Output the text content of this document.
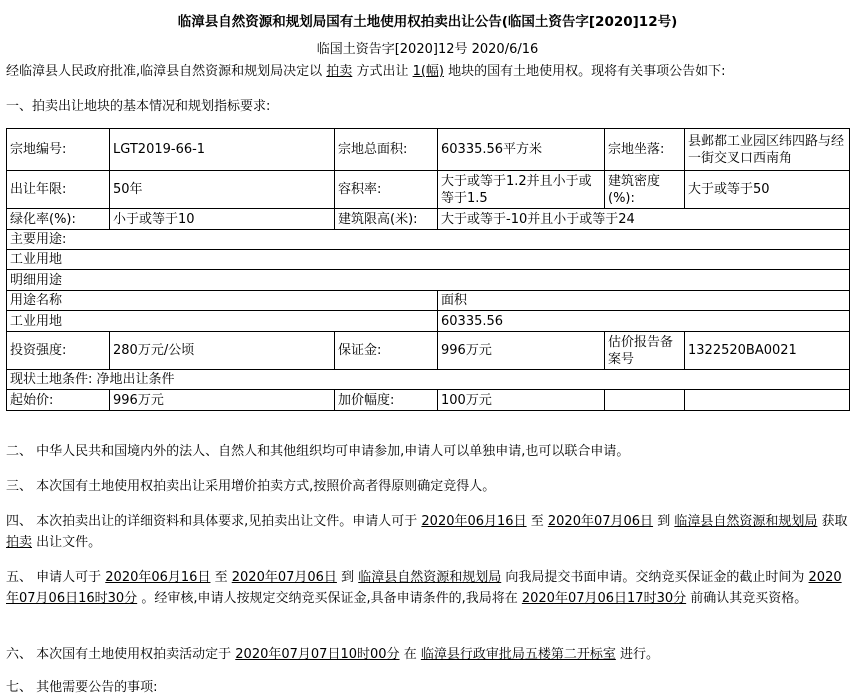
临漳县自然资源和规划局国有土地使用权拍卖出让公告(临国土资告字[2020]12号)
临国土资告字[2020]12号 2020/6/16
经临漳县人民政府批准,临漳县自然资源和规划局决定以 拍卖 方式出让 1(幅) 地块的国有土地使用权。现将有关事项公告如下:
一、拍卖出让地块的基本情况和规划指标要求:
宗地编号:	LGT2019-66-1	宗地总面积:	60335.56平方米	宗地坐落:	县邺都工业园区纬四路与经一街交叉口西南角
出让年限:	50年	容积率:	大于或等于1.2并且小于或等于1.5	建筑密度(%):	大于或等于50
绿化率(%):	小于或等于10	建筑限高(米):	大于或等于-10并且小于或等于24		
主要用途:					
工业用地					
明细用途					
用途名称			面积		
工业用地			60335.56		
投资强度:	280万元/公顷	保证金:	996万元	估价报告备案号	1322520BA0021
现状土地条件: 净地出让条件					
起始价:	996万元	加价幅度:	100万元		
二、 中华人民共和国境内外的法人、自然人和其他组织均可申请参加,申请人可以单独申请,也可以联合申请。
三、 本次国有土地使用权拍卖出让采用增价拍卖方式,按照价高者得原则确定竞得人。
四、 本次拍卖出让的详细资料和具体要求,见拍卖出让文件。申请人可于 2020年06月16日 至 2020年07月06日 到 临漳县自然资源和规划局 获取 拍卖 出让文件。
五、 申请人可于 2020年06月16日 至 2020年07月06日 到 临漳县自然资源和规划局 向我局提交书面申请。交纳竞买保证金的截止时间为 2020年07月06日16时30分 。经审核,申请人按规定交纳竞买保证金,具备申请条件的,我局将在 2020年07月06日17时30分 前确认其竞买资格。
六、 本次国有土地使用权拍卖活动定于 2020年07月07日10时00分 在 临漳县行政审批局五楼第二开标室 进行。
七、 其他需要公告的事项:
